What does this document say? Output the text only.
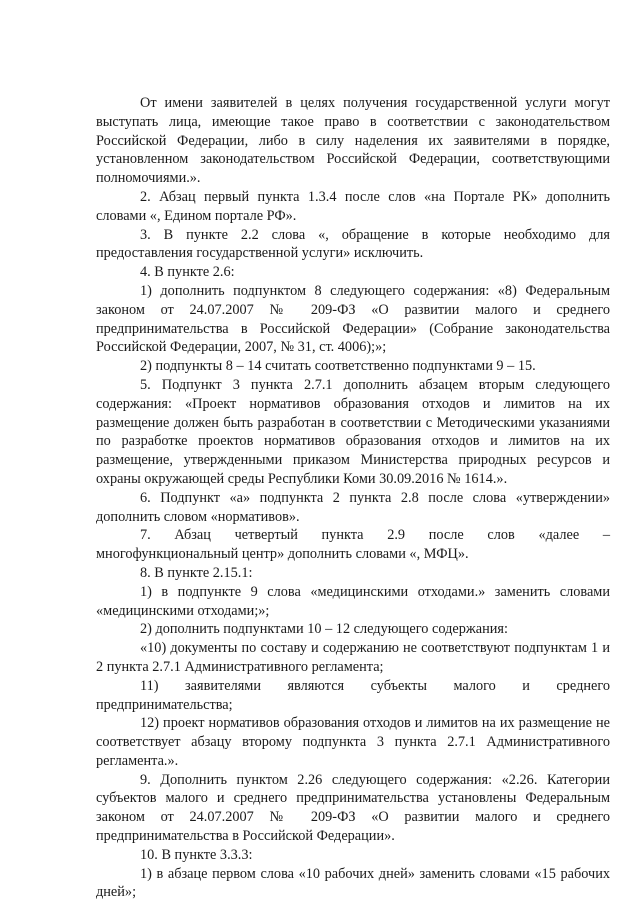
От имени заявителей в целях получения государственной услуги могут выступать лица, имеющие такое право в соответствии с законодательством Российской Федерации, либо в силу наделения их заявителями в порядке, установленном законодательством Российской Федерации, соответствующими полномочиями.».

2. Абзац первый пункта 1.3.4 после слов «на Портале РК» дополнить словами «, Едином портале РФ».

3. В пункте 2.2 слова «, обращение в которые необходимо для предоставления государственной услуги» исключить.

4. В пункте 2.6:

1) дополнить подпунктом 8 следующего содержания: «8) Федеральным законом от 24.07.2007 № 209-ФЗ «О развитии малого и среднего предпринимательства в Российской Федерации» (Собрание законодательства Российской Федерации, 2007, № 31, ст. 4006);»;

2) подпункты 8 – 14 считать соответственно подпунктами 9 – 15.

5. Подпункт 3 пункта 2.7.1 дополнить абзацем вторым следующего содержания: «Проект нормативов образования отходов и лимитов на их размещение должен быть разработан в соответствии с Методическими указаниями по разработке проектов нормативов образования отходов и лимитов на их размещение, утвержденными приказом Министерства природных ресурсов и охраны окружающей среды Республики Коми 30.09.2016 № 1614.».

6. Подпункт «а» подпункта 2 пункта 2.8 после слова «утверждении» дополнить словом «нормативов».

7. Абзац четвертый пункта 2.9 после слов «далее –

многофункциональный центр» дополнить словами «, МФЦ».

8. В пункте 2.15.1:

1) в подпункте 9 слова «медицинскими отходами.» заменить словами «медицинскими отходами;»;

2) дополнить подпунктами 10 – 12 следующего содержания:

«10) документы по составу и содержанию не соответствуют подпунктам 1 и 2 пункта 2.7.1 Административного регламента;

11) заявителями являются субъекты малого и среднего

предпринимательства;

12) проект нормативов образования отходов и лимитов на их размещение не соответствует абзацу второму подпункта 3 пункта 2.7.1 Административного регламента.».

9. Дополнить пунктом 2.26 следующего содержания: «2.26. Категории субъектов малого и среднего предпринимательства установлены Федеральным законом от 24.07.2007 № 209-ФЗ «О развитии малого и среднего предпринимательства в Российской Федерации».

10. В пункте 3.3.3:

1) в абзаце первом слова «10 рабочих дней» заменить словами «15 рабочих дней»;
